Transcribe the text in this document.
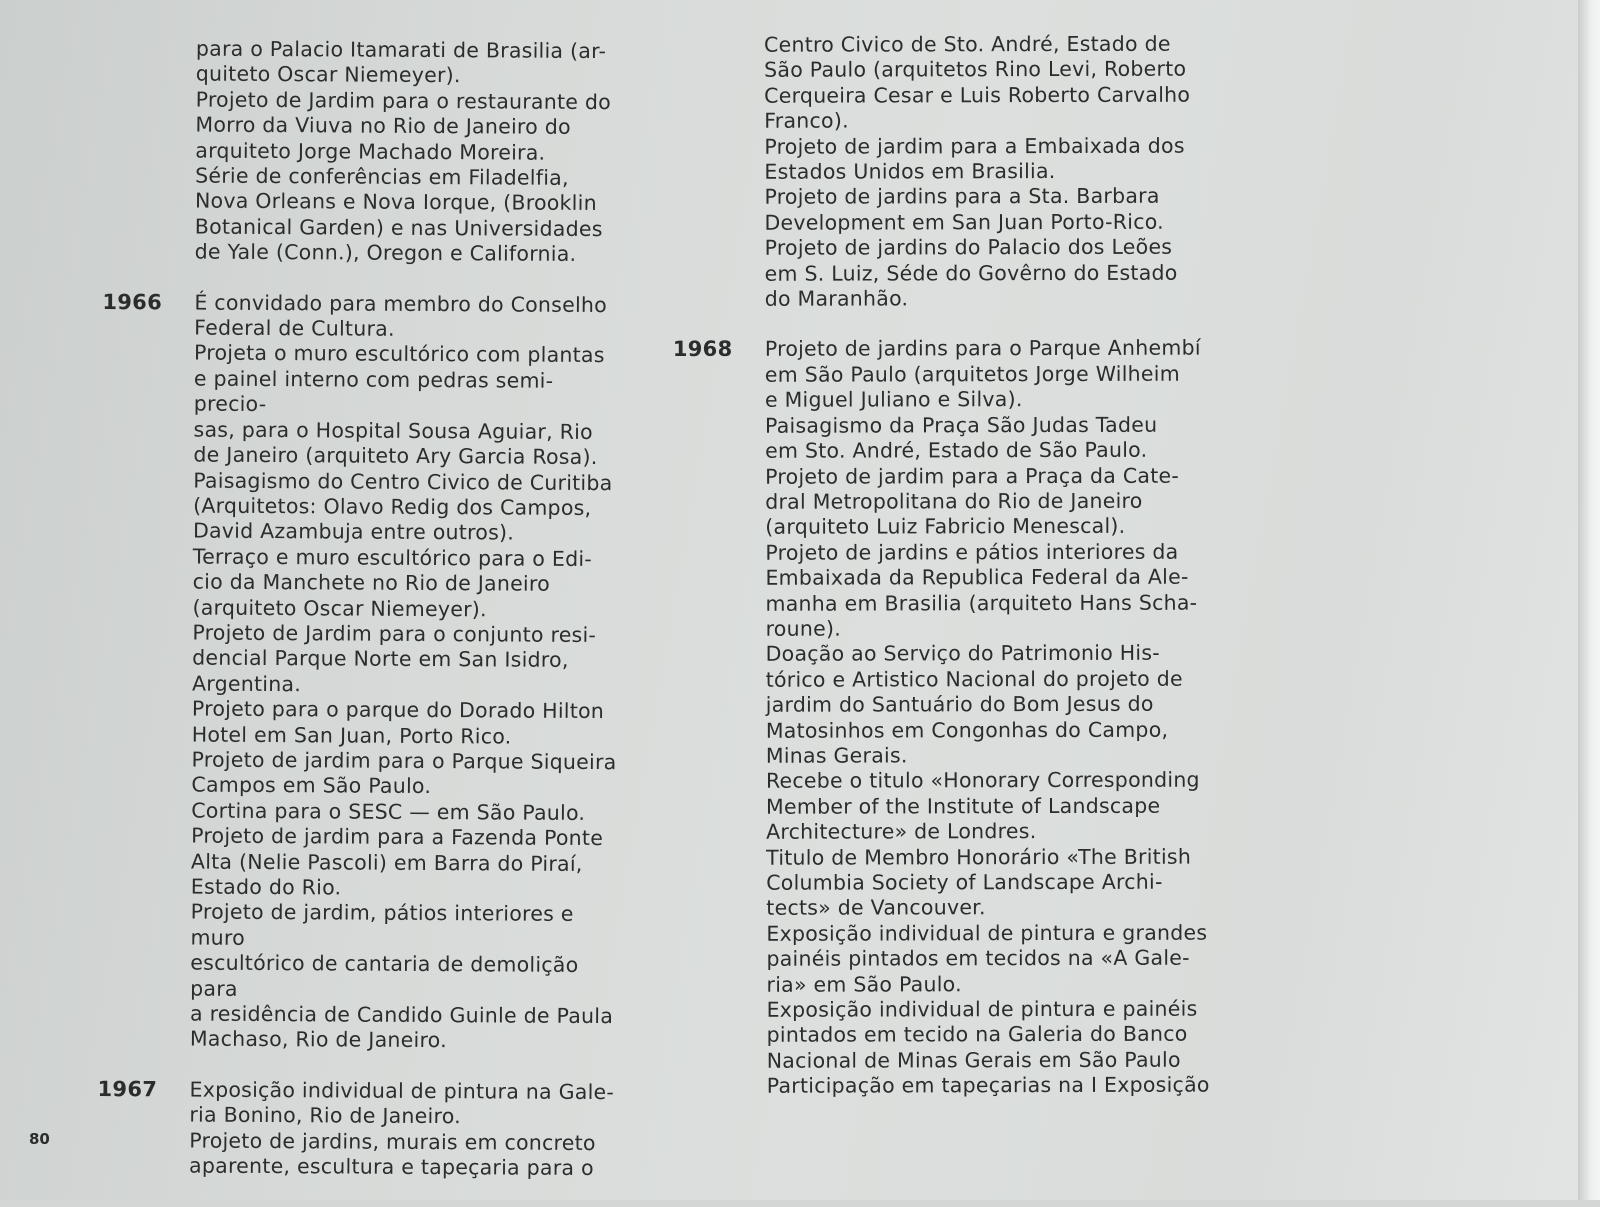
para o Palacio Itamarati de Brasilia (ar-

quiteto Oscar Niemeyer).

Projeto de Jardim para o restaurante do

Morro da Viuva no Rio de Janeiro do

arquiteto Jorge Machado Moreira.

Série de conferências em Filadelfia,

Nova Orleans e Nova Iorque, (Brooklin

Botanical Garden) e nas Universidades

de Yale (Conn.), Oregon e California.

1966	É convidado para membro do Conselho

Federal de Cultura.

Projeta o muro escultórico com plantas

e painel interno com pedras semi-precio-

sas, para o Hospital Sousa Aguiar, Rio

de Janeiro (arquiteto Ary Garcia Rosa).

Paisagismo do Centro Civico de Curitiba

(Arquitetos: Olavo Redig dos Campos,

David Azambuja entre outros).

Terraço e muro escultórico para o Edi-

cio da Manchete no Rio de Janeiro

(arquiteto Oscar Niemeyer).

Projeto de Jardim para o conjunto resi-

dencial Parque Norte em San Isidro,

Argentina.

Projeto para o parque do Dorado Hilton

Hotel em San Juan, Porto Rico.

Projeto de jardim para o Parque Siqueira

Campos em São Paulo.

Cortina para o SESC — em São Paulo.

Projeto de jardim para a Fazenda Ponte

Alta (Nelie Pascoli) em Barra do Piraí,

Estado do Rio.

Projeto de jardim, pátios interiores e muro

escultórico de cantaria de demolição para

a residência de Candido Guinle de Paula

Machaso, Rio de Janeiro.

1967	Exposição individual de pintura na Gale-

ria Bonino, Rio de Janeiro.

Projeto de jardins, murais em concreto

aparente, escultura e tapeçaria para o

Centro Civico de Sto. André, Estado de

São Paulo (arquitetos Rino Levi, Roberto

Cerqueira Cesar e Luis Roberto Carvalho

Franco).

Projeto de jardim para a Embaixada dos

Estados Unidos em Brasilia.

Projeto de jardins para a Sta. Barbara

Development em San Juan Porto-Rico.

Projeto de jardins do Palacio dos Leões

em S. Luiz, Séde do Govêrno do Estado

do Maranhão.

1968	Projeto de jardins para o Parque Anhembí

em São Paulo (arquitetos Jorge Wilheim

e Miguel Juliano e Silva).

Paisagismo da Praça São Judas Tadeu

em Sto. André, Estado de São Paulo.

Projeto de jardim para a Praça da Cate-

dral Metropolitana do Rio de Janeiro

(arquiteto Luiz Fabricio Menescal).

Projeto de jardins e pátios interiores da

Embaixada da Republica Federal da Ale-

manha em Brasilia (arquiteto Hans Scha-

roune).

Doação ao Serviço do Patrimonio His-

tórico e Artistico Nacional do projeto de

jardim do Santuário do Bom Jesus do

Matosinhos em Congonhas do Campo,

Minas Gerais.

Recebe o titulo «Honorary Corresponding

Member of the Institute of Landscape

Architecture» de Londres.

Titulo de Membro Honorário «The British

Columbia Society of Landscape Archi-

tects» de Vancouver.

Exposição individual de pintura e grandes

painéis pintados em tecidos na «A Gale-

ria» em São Paulo.

Exposição individual de pintura e painéis

pintados em tecido na Galeria do Banco

Nacional de Minas Gerais em São Paulo

Participação em tapeçarias na I Exposição

80
